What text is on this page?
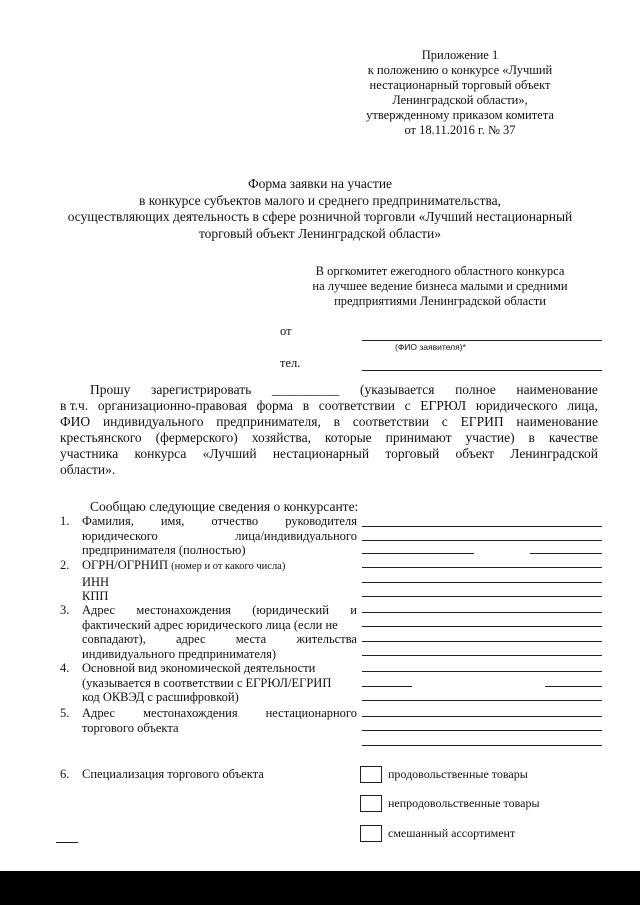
Приложение 1
к положению о конкурсе «Лучший
нестационарный торговый объект
Ленинградской области»,
утвержденному приказом комитета
от 18.11.2016 г. № 37
Форма заявки на участие
в конкурсе субъектов малого и среднего предпринимательства,
осуществляющих деятельность в сфере розничной торговли «Лучший нестационарный
торговый объект Ленинградской области»
В оргкомитет ежегодного областного конкурса
на лучшее ведение бизнеса малыми и средними
предприятиями Ленинградской области
от
(ФИО заявителя)*
тел.
Прошу зарегистрировать __________ (указывается полное наименование
в т.ч. организационно-правовая форма в соответствии с ЕГРЮЛ юридического лица,
ФИО индивидуального предпринимателя, в соответствии с ЕГРИП наименование
крестьянского (фермерского) хозяйства, которые принимают участие) в качестве
участника конкурса «Лучший нестационарный торговый объект Ленинградской
области».
Сообщаю следующие сведения о конкурсанте:
1. Фамилия, имя, отчество руководителя
юридического	лица/индивидуального
предпринимателя (полностью)
2. ОГРН/ОГРНИП (номер и от какого числа)
ИНН
КПП
3. Адрес местонахождения (юридический и
фактический адрес юридического лица (если не
совпадают), адрес места жительства
индивидуального предпринимателя)
4. Основной вид экономической деятельности
(указывается в соответствии с ЕГРЮЛ/ЕГРИП
код ОКВЭД с расшифровкой)
5. Адрес местонахождения нестационарного
торгового объекта
6. Специализация торгового объекта	продовольственные товары
непродовольственные товары
смешанный ассортимент
